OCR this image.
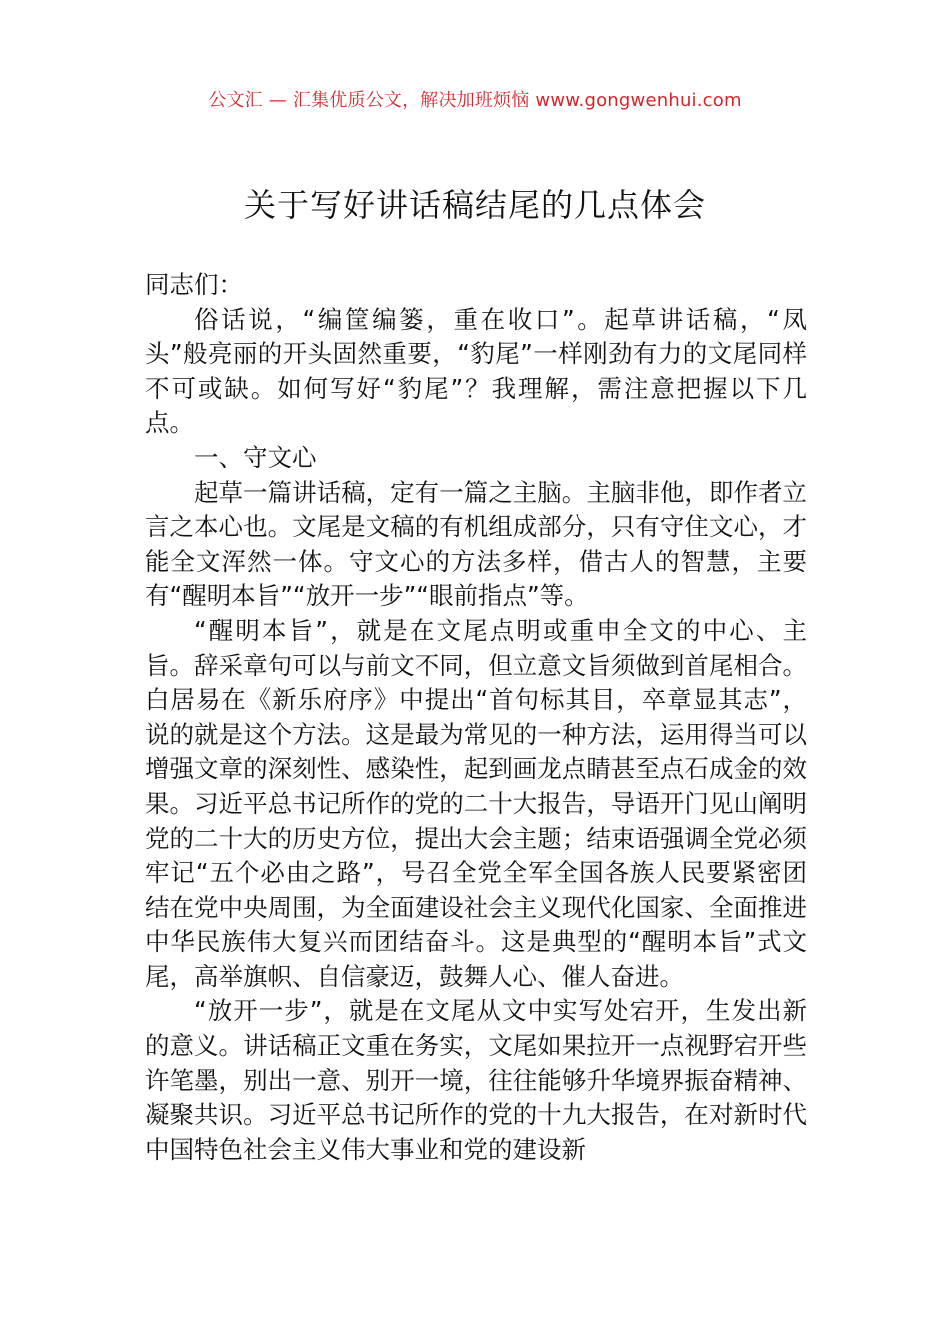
公文汇 — 汇集优质公文，解决加班烦恼 www.gongwenhui.com
关于写好讲话稿结尾的几点体会

同志们：

俗话说，“编筐编篓，重在收口”。起草讲话稿，“凤头”般亮丽的开头固然重要，“豹尾”一样刚劲有力的文尾同样不可或缺。如何写好“豹尾”？我理解，需注意把握以下几点。

一、守文心

起草一篇讲话稿，定有一篇之主脑。主脑非他，即作者立言之本心也。文尾是文稿的有机组成部分，只有守住文心，才能全文浑然一体。守文心的方法多样，借古人的智慧，主要有“醒明本旨”“放开一步”“眼前指点”等。

“醒明本旨”，就是在文尾点明或重申全文的中心、主旨。辞采章句可以与前文不同，但立意文旨须做到首尾相合。白居易在《新乐府序》中提出“首句标其目，卒章显其志”，说的就是这个方法。这是最为常见的一种方法，运用得当可以增强文章的深刻性、感染性，起到画龙点睛甚至点石成金的效果。习近平总书记所作的党的二十大报告，导语开门见山阐明党的二十大的历史方位，提出大会主题；结束语强调全党必须牢记“五个必由之路”，号召全党全军全国各族人民要紧密团结在党中央周围，为全面建设社会主义现代化国家、全面推进中华民族伟大复兴而团结奋斗。这是典型的“醒明本旨”式文尾，高举旗帜、自信豪迈，鼓舞人心、催人奋进。

“放开一步”，就是在文尾从文中实写处宕开，生发出新的意义。讲话稿正文重在务实，文尾如果拉开一点视野宕开些许笔墨，别出一意、别开一境，往往能够升华境界振奋精神、凝聚共识。习近平总书记所作的党的十九大报告，在对新时代中国特色社会主义伟大事业和党的建设新
